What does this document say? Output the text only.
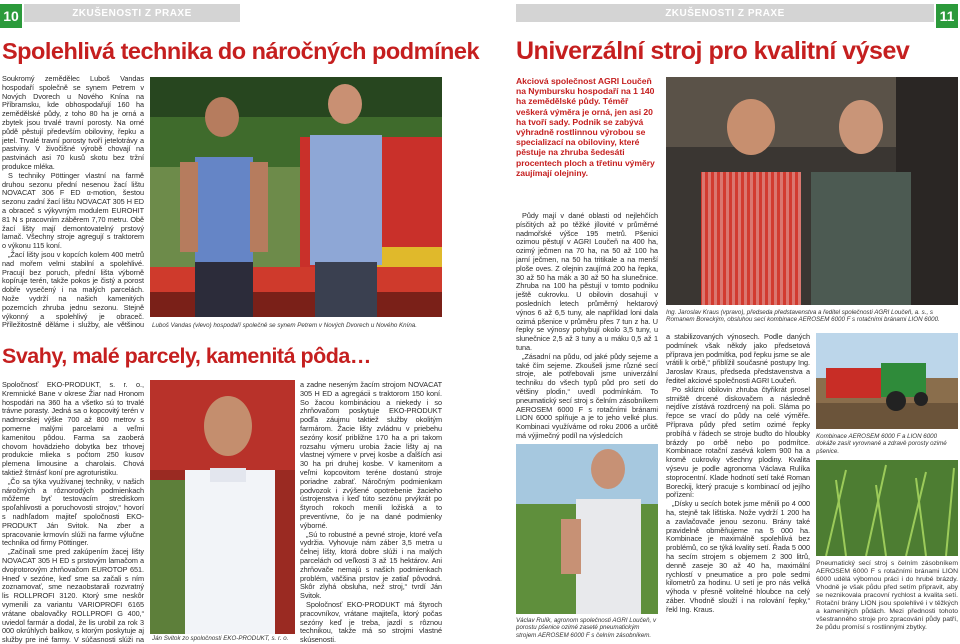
10	ZKUŠENOSTI Z PRAXE
Spolehlivá technika do náročných podmínek

Soukromý zemědělec Luboš Vandas hospodaří společně se synem Petrem v Nových Dvorech u Nového Knína na Příbramsku, kde obhospodařují 160 ha zemědělské půdy, z toho 80 ha je orná a zbytek jsou trvalé travní porosty. Na orné půdě pěstují především obiloviny, řepku a jetel. Trvalé travní porosty tvoří jetelotrávy a pastviny. V živočišné výrobě chovají na pastvinách asi 70 kusů skotu bez tržní produkce mléka.

S techniky Pöttinger vlastní na farmě druhou sezonu přední nesenou žací lištu NOVACAT 306 F ED α-motion, šestou sezonu zadní žací lištu NOVACAT 305 H ED a obraceč s výkyvným modulem EUROHIT 81 N s pracovním záběrem 7,70 metru. Obě žací lišty mají demontovatelný prstový lamač. Všechny stroje agregují s traktorem o výkonu 115 koní.

„Žací lišty jsou v kopcích kolem 400 metrů nad mořem velmi stabilní a spolehlivé. Pracují bez poruch, přední lišta výborně kopíruje terén, takže pokos je čistý a porost dobře vysečený i na malých parcelách. Nože vydrží na našich kamenitých pozemcích zhruba jednu sezonu. Stejně výkonný a spolehlivý je obraceč. Příležitostně děláme i služby, ale většinou Luboš Vandas (vlevo) hospodaří společně se synem Petrem v Nových Dvorech u Nového Knína.
Svahy, malé parcely, kamenitá pôda…

Spoločnosť EKO-PRODUKT, s. r. o., Kremnické Bane v okrese Žiar nad Hronom hospodári na 360 ha a všetko sú to trvalé trávne porasty. Jedná sa o kopcovitý terén v nadmorskej výške 700 až 800 metrov s pomerne malými parcelami a veľmi kamenitou pôdou. Farma sa zaoberá chovom hovädzieho dobytka bez trhovej produkcie mlieka s počtom 250 kusov plemena limousine a charolais. Chová taktiež štrnásť koní pre agroturistiku.

„Čo sa týka využívanej techniky, v našich náročných a rôznorodých podmienkach môžeme byť testovacím strediskom spoľahlivosti a poruchovosti strojov,“ hovorí s nadhľadom majiteľ spoločnosti EKO-PRODUKT Ján Svitok. Na zber a spracovanie krmovín slúži na farme výlučne technika od firmy Pöttinger.

„Začínali sme pred zakúpením žacej lišty NOVACAT 305 H ED s prstovým lamačom a dvojrotorovým zhrňovačom EUROTOP 651. Hneď v sezóne, keď sme sa začali s ním zoznamovať, sme nezaobstarali rozvratný lis ROLLPROFI 3120. Ktorý sme neskôr vymenili za variantu VARIOPROFI 6165 vrátane obalovačky ROLLPROFI G 400,“ uviedol farmár a dodal, že lis urobil za rok 3 000 okrúhlych balikov, s ktorým poskytuje aj služby pre iné farmy. V súčasnosti slúži na Ján Svitok zo spoločnosti EKO-PRODUKT, s. r. o.

a zadne neseným žacím strojom NOVACAT 305 H ED a agregácii s traktorom 150 koní. So žacou kombináciou a niekedy i so zhrňovačom poskytuje EKO-PRODUKT podľa záujmu taktiež služby okolitým farmárom. Žacie lišty zvládnu v priebehu sezóny kosiť približne 170 ha a pri takom rozsahu výmeru urobia žacie lišty aj na vlastnej výmere v prvej kosbe a ďalších asi 30 ha pri druhej kosbe. V kamenitom a veľmi kopcovitom teréne dostanú stroje poriadne zabrať. Náročným podmienkam podvozok i zvýšené opotrebenie žacieho ústrojenstva i keď túto sezónu prvýkrát po štyroch rokoch menili ložiská a to preventívne, čo je na dané podmienky výborné.

„Sú to robustné a pevné stroje, ktoré veľa vydržia. Vyhovuje nám záber 3,5 metra u čelnej lišty, ktorá dobre slúži i na malých parcelách od veľkosti 3 až 15 hektárov. Ani zhrňovače nemajú s našich podmienkach problém, väčšina prstov je zatiaľ pôvodná. Skôr zlyhá obsluha, než stroj,“ tvrdí Ján Svitok.

Spoločnosť EKO-PRODUKT má štyroch pracovníkov, vrátane majiteľa, ktorý počas sezóny keď je treba, jazdí s rôznou technikou, takže má so strojmi vlastné skúsenosti.

ZKUŠENOSTI Z PRAXE	11
Univerzální stroj pro kvalitní výsev
Akciová společnost AGRI Loučeň na Nymbursku hospodaří na 1 140 ha zemědělské půdy. Téměř veškerá výměra je orná, jen asi 20 ha tvoří sady. Podnik se zabývá výhradně rostlinnou výrobou se specializací na obiloviny, které pěstuje na zhruba šedesáti procentech ploch a třetinu výměry zaujímají olejniny.

Půdy mají v dané oblasti od nejlehčích písčitých až po těžké jílovité v průměrné nadmořské výšce 195 metrů. Pšenici ozimou pěstují v AGRI Loučeň na 400 ha, ozimý ječmen na 70 ha, na 50 až 100 ha jarní ječmen, na 50 ha tritikale a na menší ploše oves. Z olejnin zaujímá 200 ha řepka, 30 až 50 ha mák a 30 až 50 ha slunečnice. Zhruba na 100 ha pěstují v tomto podniku ještě cukrovku. U obilovin dosahují v posledních letech průměrný hektarový výnos 6 až 6,5 tuny, ale například loni dala ozimá pšenice v průměru přes 7 tun z ha. U řepky se výnosy pohybují okolo 3,5 tuny, u slunečnice 2,5 až 3 tuny a u máku 0,5 až 1 tuna.

„Zásadní na půdu, od jaké půdy sejeme a také čím sejeme. Zkoušeli jsme různé secí stroje, ale potřebovali jsme univerzální techniku do všech typů půd pro setí do většiny plodin,“ uvedl podmínkám. To pneumatický secí stroj s čelním zásobníkem AEROSEM 6000 F s rotačními bránami LION 6000 splňuje a je to jeho velké plus. Kombinaci využíváme od roku 2006 a určitě má výjimečný podíl na výsledcích

Ing. Jaroslav Kraus (vpravo), předseda představenstva a ředitel společnosti AGRI Loučeň, a. s., s Romanem Boreckým, obsluhou secí kombinace AEROSEM 6000 F s rotačními bránami LION 6000.

a stabilizovaných výnosech. Podle daných podmínek však někdy jako předsetová příprava jen podmítka, pod řepku jsme se ale vrátili k orbě,“ přiblížil současné postupy Ing. Jaroslav Kraus, předseda představenstva a ředitel akciové společnosti AGRI Loučeň.

Po sklizni obilovin zhruba čtyřikrát prosel strniště drcené diskovačem a následně nejdíve zístává rozdrcený na poli. Sláma po řepce se vrací do půdy na celé výměře. Příprava půdy před setím ozimé řepky probíhá v řádech se stroje buďto do hloubky brázdy po orbě nebo po podmítce. Kombinace rotační zasévá kolem 900 ha a kromě cukrovky všechny plodiny. Kvalita výsevu je podle agronoma Václava Rulíka stoprocentní. Klade hodnotí setí také Roman Boreckij, který pracuje s kombinací od jejího pořízení:

„Dísky u secích botek jsme měnili po 4 000 ha, stejně tak lištiska. Nože vydrží 1 200 ha a zavlačovače jenou sezonu. Brány také pravidelně obměňujeme na 5 000 ha. Kombinace je maximálně spolehlivá bez problémů, co se týká kvality setí. Řada 5 000 ha secím strojem s objemem 2 300 litrů, denně zaseje 30 až 40 ha, maximální rychlostí v pneumatice a pro pole sedmi kilometrů za hodinu. U setí je pro nás velká výhoda v přesně volitelné hloubce na celý záber. Vhodně slouží i na rolování řepky,“ řekl Ing. Kraus.

Kombinace AEROSEM 6000 F a LION 6000 dokáže zasít vyrovnaně a zdravě porosty ozimé pšenice.
Pneumatický secí stroj s čelním zásobníkem AEROSEM 6000 F s rotačními bránami LION 6000 udělá výbornou práci i do hrubé brázdy. Vhodně je však půdu před setím připravit, aby se neznikovala pracovní rychlost a kvalita setí. Rotační brány LION jsou spolehlivé i v těžkých a kamenitých půdách. Mezi přednosti tohoto všestranného stroje pro zpracování půdy patří, že půdu promísí s rostlinnými zbytky.
Václav Rulík, agronom společnosti AGRI Loučeň, v porostu pšenice ozimé zaseté pneumatickým strojem AEROSEM 6000 F s čelním zásobníkem.
